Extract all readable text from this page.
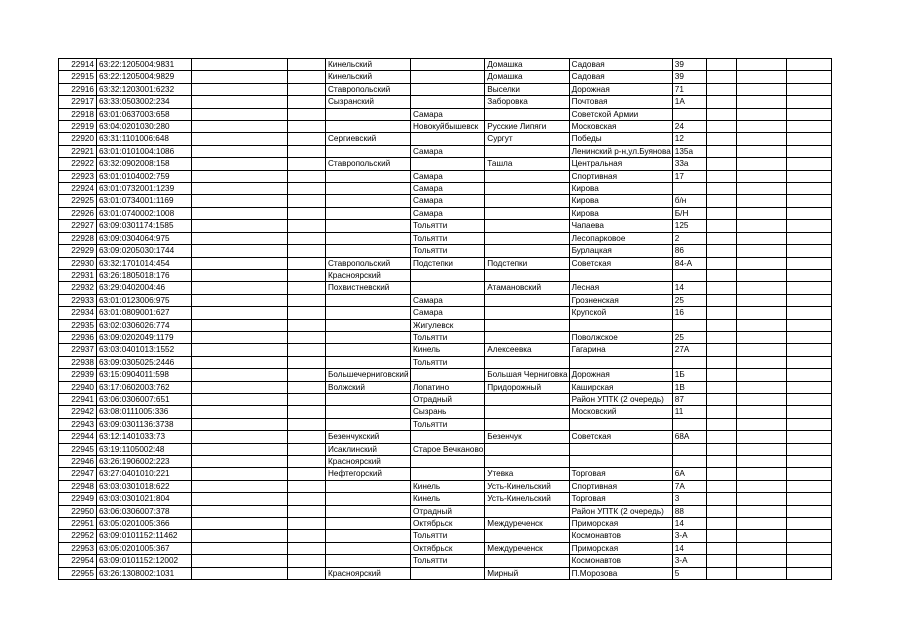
22914	63:22:1205004:9831			Кинельский		Домашка	Садовая	39			
22915	63:22:1205004:9829			Кинельский		Домашка	Садовая	39			
22916	63:32:1203001:6232			Ставропольский		Выселки	Дорожная	71			
22917	63:33:0503002:234			Сызранский		Заборовка	Почтовая	1А			
22918	63:01:0637003:658				Самара		Советской Армии				
22919	63:04:0201030:280				Новокуйбышевск	Русские Липяги	Московская	24			
22920	63:31:1101006:648			Сергиевский		Сургут	Победы	12			
22921	63:01:0101004:1086				Самара		Ленинский р-н,ул.Буянова	135а			
22922	63:32:0902008:158			Ставропольский		Ташла	Центральная	33а			
22923	63:01:0104002:759				Самара		Спортивная	17			
22924	63:01:0732001:1239				Самара		Кирова				
22925	63:01:0734001:1169				Самара		Кирова	б/н			
22926	63:01:0740002:1008				Самара		Кирова	Б/Н			
22927	63:09:0301174:1585				Тольятти		Чапаева	125			
22928	63:09:0304064:975				Тольятти		Лесопарковое	2			
22929	63:09:0205030:1744				Тольятти		Бурлацкая	86			
22930	63:32:1701014:454			Ставропольский	Подстепки	Подстепки	Советская	84-А			
22931	63:26:1805018:176			Красноярский							
22932	63:29:0402004:46			Похвистневский		Атамановский	Лесная	14			
22933	63:01:0123006:975				Самара		Грозненская	25			
22934	63:01:0809001:627				Самара		Крупской	16			
22935	63:02:0306026:774				Жигулевск						
22936	63:09:0202049:1179				Тольятти		Поволжское	25			
22937	63:03:0401013:1552				Кинель	Алексеевка	Гагарина	27А			
22938	63:09:0305025:2446				Тольятти						
22939	63:15:0904011:598			Большечерниговский		Большая Черниговка	Дорожная	1Б			
22940	63:17:0602003:762			Волжский	Лопатино	Придорожный	Каширская	1В			
22941	63:06:0306007:651				Отрадный		Район УПТК (2 очередь)	87			
22942	63:08:0111005:336				Сызрань		Московский	11			
22943	63:09:0301136:3738				Тольятти						
22944	63:12:1401033:73			Безенчукский		Безенчук	Советская	68А			
22945	63:19:1105002:48			Исаклинский	Старое Вечканово						
22946	63:26:1906002:223			Красноярский							
22947	63:27:0401010:221			Нефтегорский		Утевка	Торговая	6А			
22948	63:03:0301018:622				Кинель	Усть-Кинельский	Спортивная	7А			
22949	63:03:0301021:804				Кинель	Усть-Кинельский	Торговая	3			
22950	63:06:0306007:378				Отрадный		Район УПТК (2 очередь)	88			
22951	63:05:0201005:366				Октябрьск	Междуреченск	Приморская	14			
22952	63:09:0101152:11462				Тольятти		Космонавтов	3-А			
22953	63:05:0201005:367				Октябрьск	Междуреченск	Приморская	14			
22954	63:09:0101152:12002				Тольятти		Космонавтов	3-А			
22955	63:26:1308002:1031			Красноярский		Мирный	П.Морозова	5			
